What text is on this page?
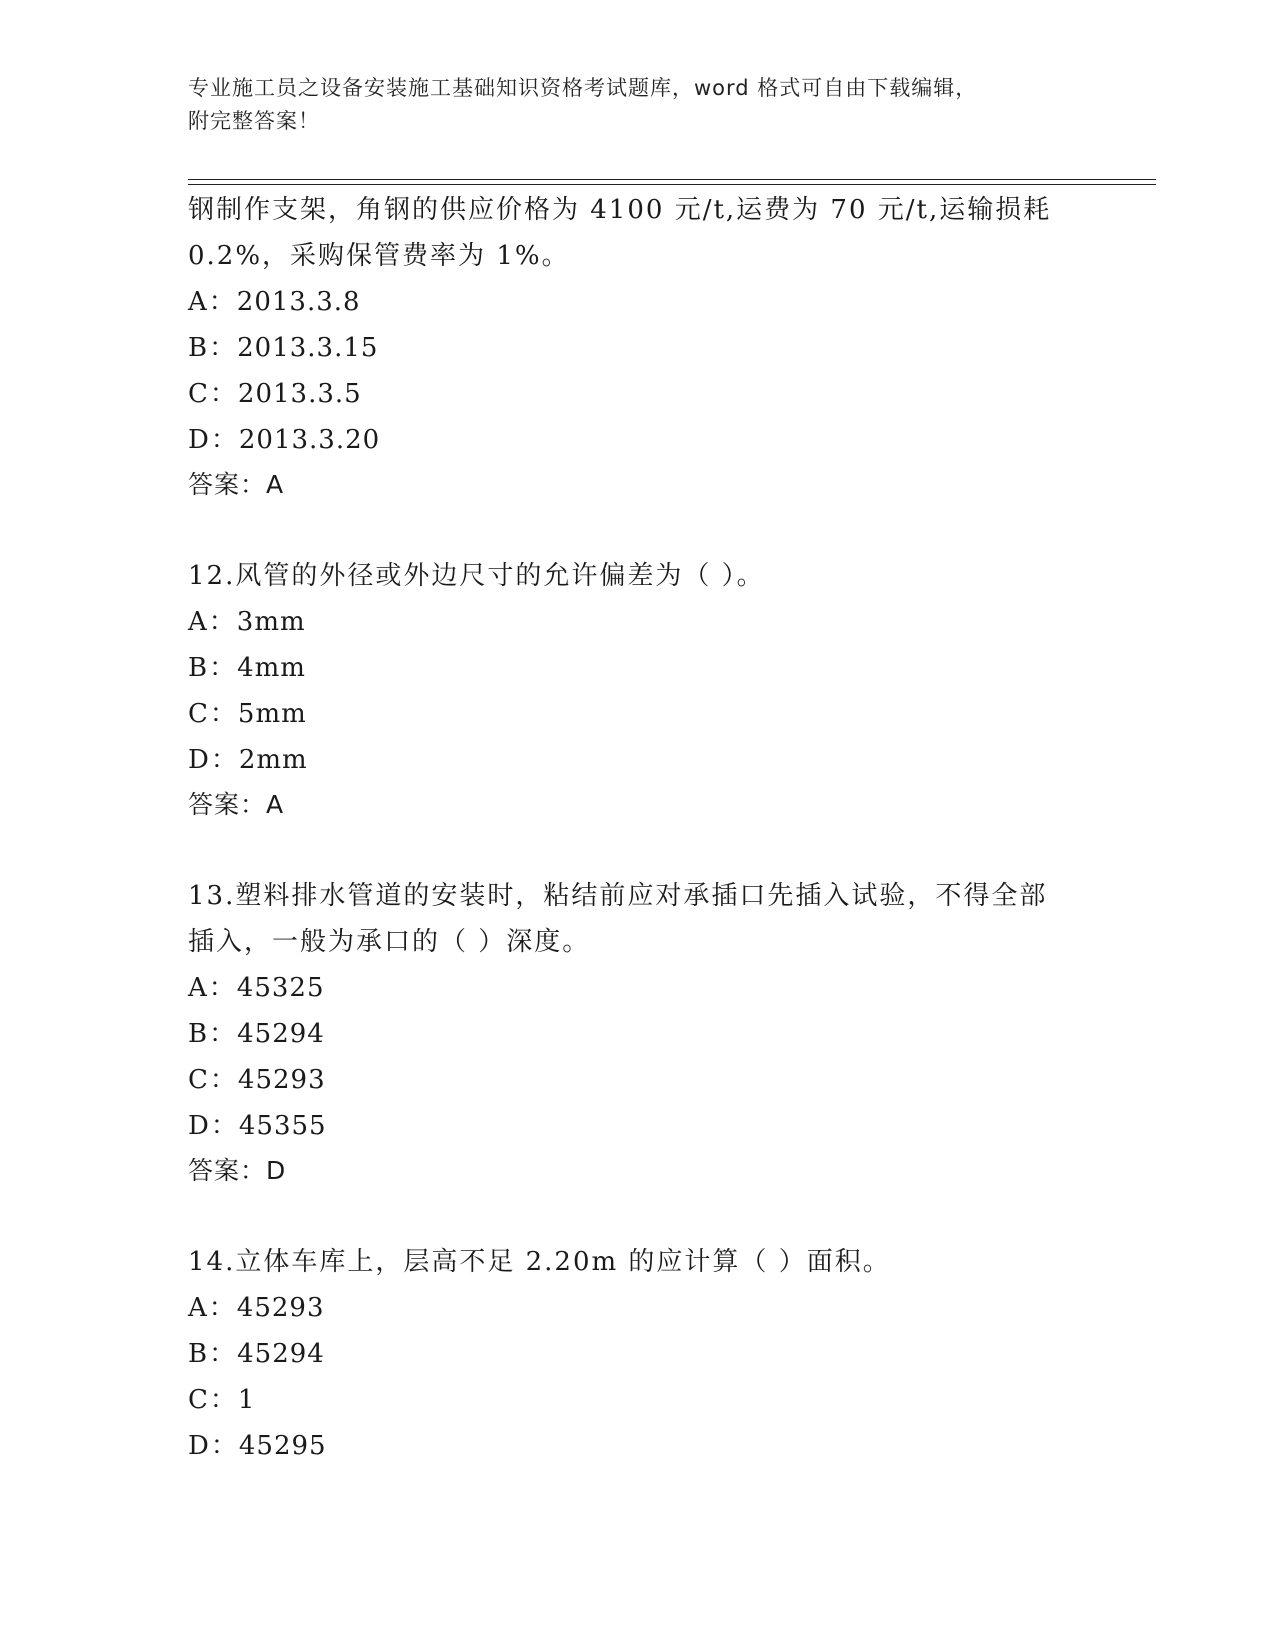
专业施工员之设备安装施工基础知识资格考试题库，word 格式可自由下载编辑，
附完整答案！
钢制作支架，角钢的供应价格为 4100 元/t,运费为 70 元/t,运输损耗
0.2%，采购保管费率为 1%。
A：2013.3.8
B：2013.3.15
C：2013.3.5
D：2013.3.20
答案：A
12.风管的外径或外边尺寸的允许偏差为（ ）。
A：3mm
B：4mm
C：5mm
D：2mm
答案：A
13.塑料排水管道的安装时，粘结前应对承插口先插入试验，不得全部
插入，一般为承口的（ ）深度。
A：45325
B：45294
C：45293
D：45355
答案：D
14.立体车库上，层高不足 2.20m 的应计算（ ）面积。
A：45293
B：45294
C：1
D：45295
